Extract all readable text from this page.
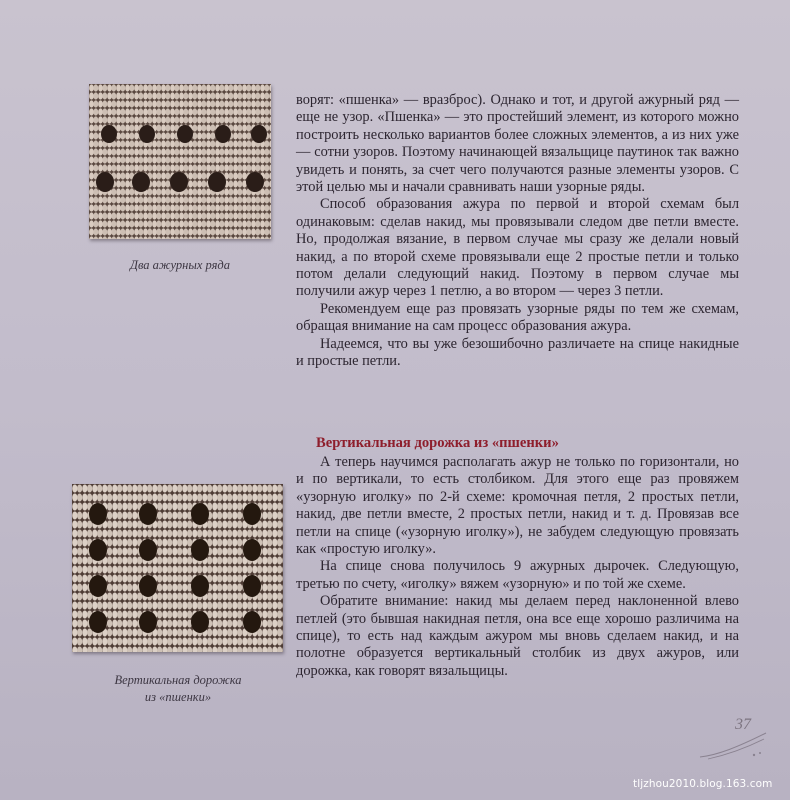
Два ажурных ряда
Вертикальная дорожка
из «пшенки»

ворят: «пшенка» — вразброс). Однако и тот, и другой ажурный ряд — еще не узор. «Пшенка» — это простейший элемент, из которого можно построить несколько вариантов более сложных элементов, а из них уже — сотни узоров. Поэтому начинающей вязальщице паутинок так важно увидеть и понять, за счет чего получаются разные элементы узоров. С этой целью мы и начали сравнивать наши узорные ряды.

Способ образования ажура по первой и второй схемам был одинаковым: сделав накид, мы провязывали следом две петли вместе. Но, продолжая вязание, в первом случае мы сразу же делали новый накид, а по второй схеме провязывали еще 2 простые петли и только потом делали следующий накид. Поэтому в первом случае мы получили ажур через 1 петлю, а во втором — через 3 петли.

Рекомендуем еще раз провязать узорные ряды по тем же схемам, обращая внимание на сам процесс образования ажура.

Надеемся, что вы уже безошибочно различаете на спице накидные и простые петли.

Вертикальная дорожка из «пшенки»

А теперь научимся располагать ажур не только по горизонтали, но и по вертикали, то есть столбиком. Для этого еще раз провяжем «узорную иголку» по 2-й схеме: кромочная петля, 2 простых петли, накид, две петли вместе, 2 простых петли, накид и т. д. Провязав все петли на спице («узорную иголку»), не забудем следующую провязать как «простую иголку».

На спице снова получилось 9 ажурных дырочек. Следующую, третью по счету, «иголку» вяжем «узорную» и по той же схеме.

Обратите внимание: накид мы делаем перед наклоненной влево петлей (это бывшая накидная петля, она все еще хорошо различима на спице), то есть над каждым ажуром мы вновь сделаем накид, и на полотне образуется вертикальный столбик из двух ажуров, или дорожка, как говорят вязальщицы.

37
tljzhou2010.blog.163.com
